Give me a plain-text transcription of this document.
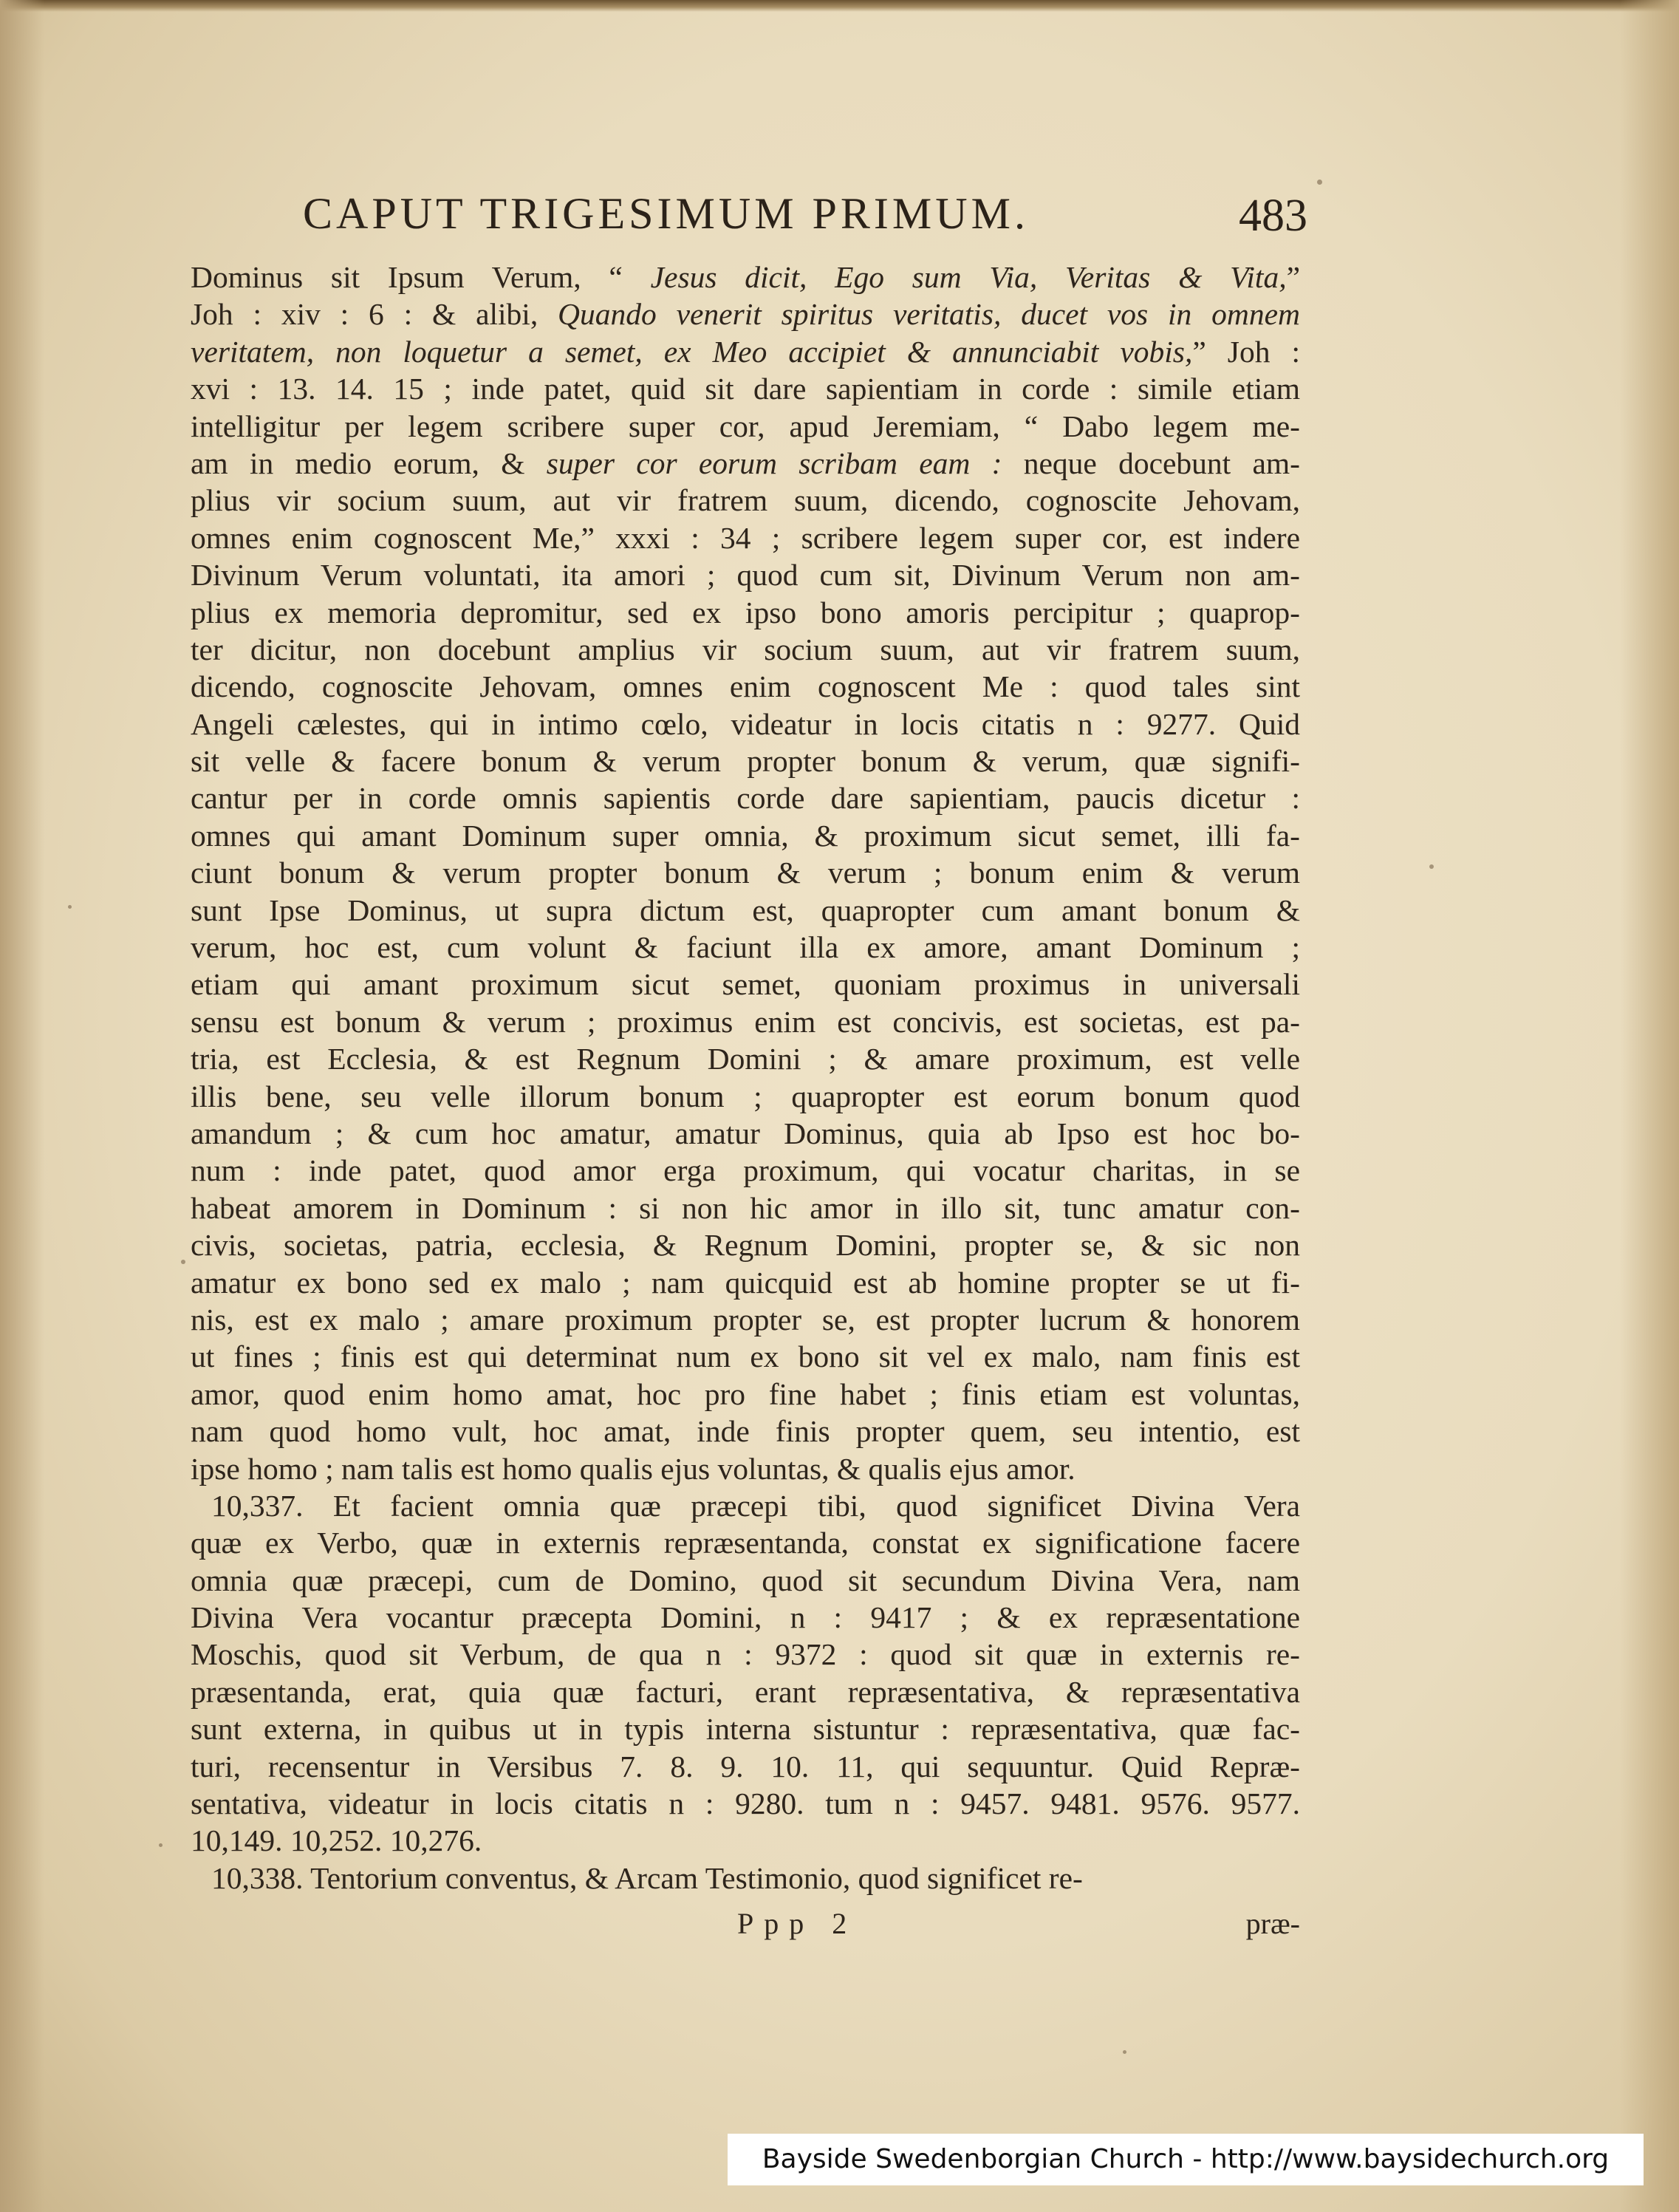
CAPUT TRIGESIMUM PRIMUM.	483
Dominus sit Ipsum Verum, “ Jesus dicit, Ego sum Via, Veritas & Vita,”
Joh : xiv : 6 : & alibi, Quando venerit spiritus veritatis, ducet vos in omnem
veritatem, non loquetur a semet, ex Meo accipiet & annunciabit vobis,” Joh :
xvi : 13. 14. 15 ; inde patet, quid sit dare sapientiam in corde : simile etiam
intelligitur per legem scribere super cor, apud Jeremiam, “ Dabo legem me-
am in medio eorum, & super cor eorum scribam eam : neque docebunt am-
plius vir socium suum, aut vir fratrem suum, dicendo, cognoscite Jehovam,
omnes enim cognoscent Me,” xxxi : 34 ; scribere legem super cor, est indere
Divinum Verum voluntati, ita amori ; quod cum sit, Divinum Verum non am-
plius ex memoria depromitur, sed ex ipso bono amoris percipitur ; quaprop-
ter dicitur, non docebunt amplius vir socium suum, aut vir fratrem suum,
dicendo, cognoscite Jehovam, omnes enim cognoscent Me : quod tales sint
Angeli cælestes, qui in intimo cœlo, videatur in locis citatis n : 9277. Quid
sit velle & facere bonum & verum propter bonum & verum, quæ signifi-
cantur per in corde omnis sapientis corde dare sapientiam, paucis dicetur :
omnes qui amant Dominum super omnia, & proximum sicut semet, illi fa-
ciunt bonum & verum propter bonum & verum ; bonum enim & verum
sunt Ipse Dominus, ut supra dictum est, quapropter cum amant bonum &
verum, hoc est, cum volunt & faciunt illa ex amore, amant Dominum ;
etiam qui amant proximum sicut semet, quoniam proximus in universali
sensu est bonum & verum ; proximus enim est concivis, est societas, est pa-
tria, est Ecclesia, & est Regnum Domini ; & amare proximum, est velle
illis bene, seu velle illorum bonum ; quapropter est eorum bonum quod
amandum ; & cum hoc amatur, amatur Dominus, quia ab Ipso est hoc bo-
num : inde patet, quod amor erga proximum, qui vocatur charitas, in se
habeat amorem in Dominum : si non hic amor in illo sit, tunc amatur con-
civis, societas, patria, ecclesia, & Regnum Domini, propter se, & sic non
amatur ex bono sed ex malo ; nam quicquid est ab homine propter se ut fi-
nis, est ex malo ; amare proximum propter se, est propter lucrum & honorem
ut fines ; finis est qui determinat num ex bono sit vel ex malo, nam finis est
amor, quod enim homo amat, hoc pro fine habet ; finis etiam est voluntas,
nam quod homo vult, hoc amat, inde finis propter quem, seu intentio, est
ipse homo ; nam talis est homo qualis ejus voluntas, & qualis ejus amor.
10,337. Et facient omnia quæ præcepi tibi, quod significet Divina Vera
quæ ex Verbo, quæ in externis repræsentanda, constat ex significatione facere
omnia quæ præcepi, cum de Domino, quod sit secundum Divina Vera, nam
Divina Vera vocantur præcepta Domini, n : 9417 ; & ex repræsentatione
Moschis, quod sit Verbum, de qua n : 9372 : quod sit quæ in externis re-
præsentanda, erat, quia quæ facturi, erant repræsentativa, & repræsentativa
sunt externa, in quibus ut in typis interna sistuntur : repræsentativa, quæ fac-
turi, recensentur in Versibus 7. 8. 9. 10. 11, qui sequuntur. Quid Repræ-
sentativa, videatur in locis citatis n : 9280. tum n : 9457. 9481. 9576. 9577.
10,149. 10,252. 10,276.
10,338. Tentorium conventus, & Arcam Testimonio, quod significet re-
Ppp 2	præ-
Bayside Swedenborgian Church - http://www.baysidechurch.org
